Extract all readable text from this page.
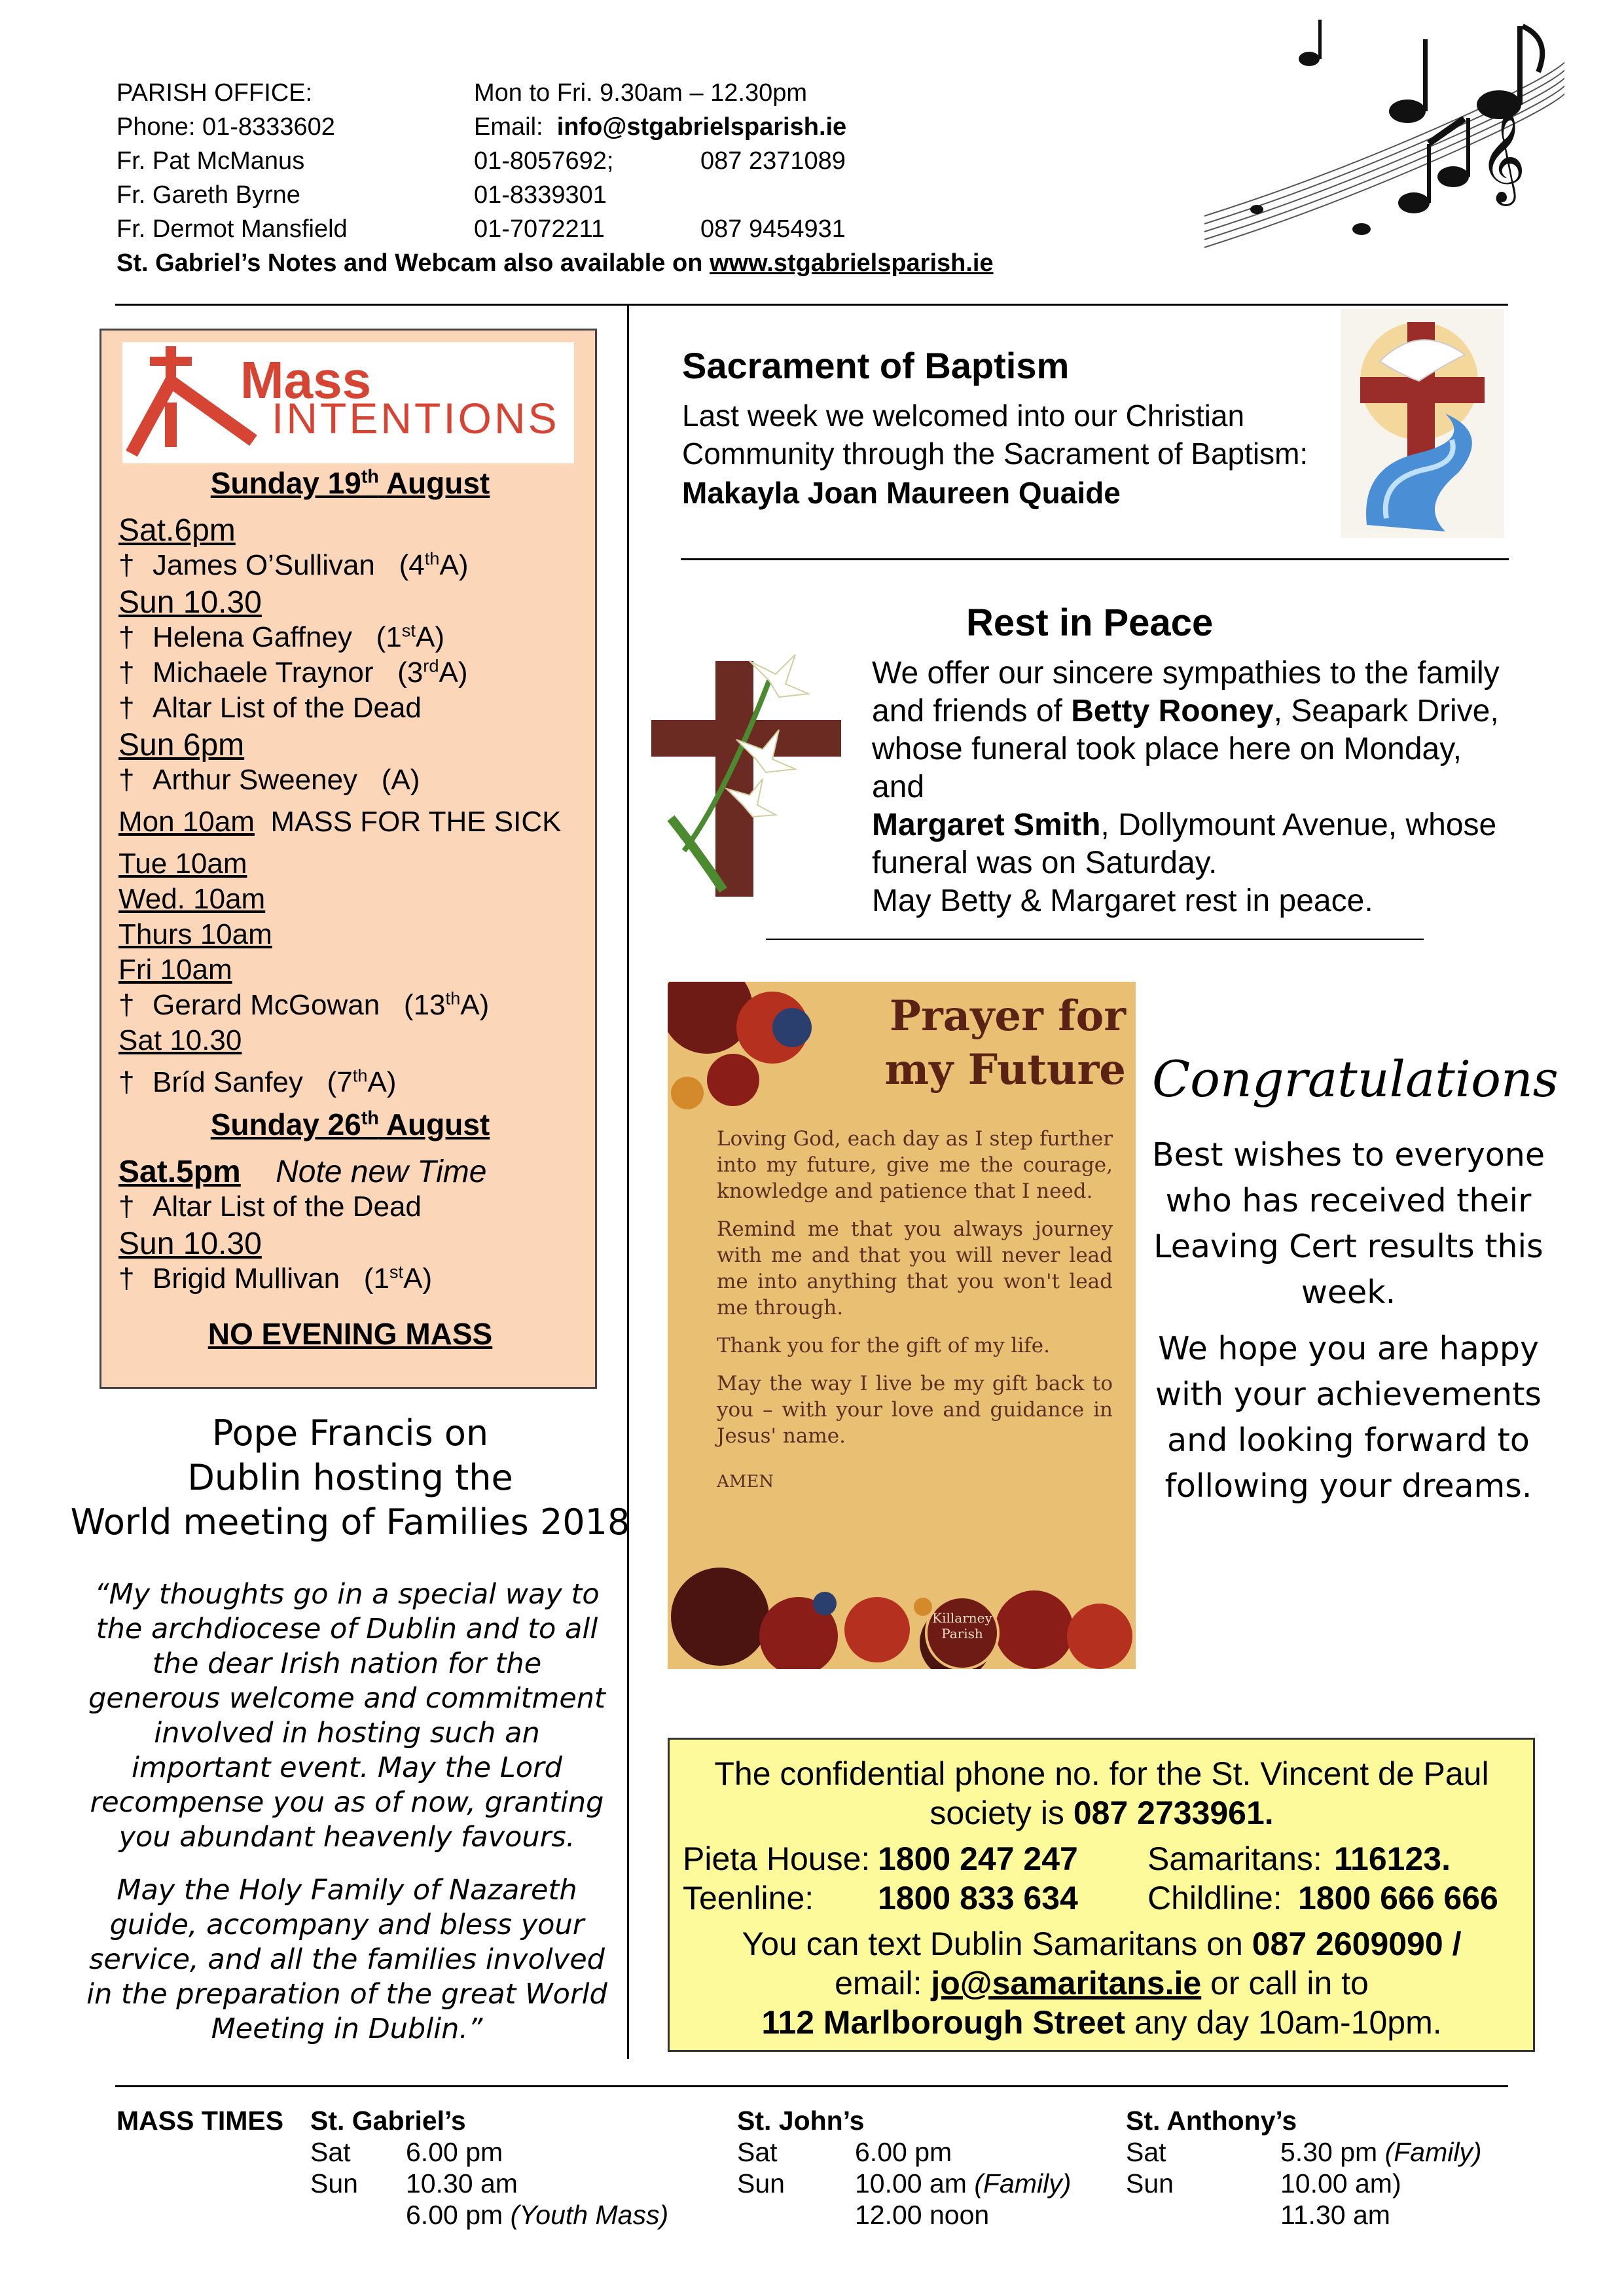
PARISH OFFICE:	Mon to Fri. 9.30am – 12.30pm
Phone: 01-8333602	Email: info@stgabrielsparish.ie
Fr. Pat McManus	01-8057692;	087 2371089
Fr. Gareth Byrne	01-8339301
Fr. Dermot Mansfield	01-7072211	087 9454931
St. Gabriel’s Notes and Webcam also available on www.stgabrielsparish.ie
𝄞
Mass
INTENTIONS
Sunday 19th August
Sat.6pm
† James O’Sullivan (4thA)
Sun 10.30
† Helena Gaffney (1stA)
† Michaele Traynor (3rdA)
† Altar List of the Dead
Sun 6pm
† Arthur Sweeney (A)
Mon 10am MASS FOR THE SICK
Tue 10am
Wed. 10am
Thurs 10am
Fri 10am
† Gerard McGowan (13thA)
Sat 10.30
† Bríd Sanfey (7thA)
Sunday 26th August
Sat.5pm Note new Time
† Altar List of the Dead
Sun 10.30
† Brigid Mullivan (1stA)
NO EVENING MASS
Pope Francis on
Dublin hosting the
World meeting of Families 2018
“My thoughts go in a special way to the archdiocese of Dublin and to all the dear Irish nation for the generous welcome and commitment involved in hosting such an important event. May the Lord recompense you as of now, granting you abundant heavenly favours.
May the Holy Family of Nazareth guide, accompany and bless your service, and all the families involved in the preparation of the great World Meeting in Dublin.”
Sacrament of Baptism
Last week we welcomed into our Christian Community through the Sacrament of Baptism:
Makayla Joan Maureen Quaide
Rest in Peace
We offer our sincere sympathies to the family and friends of Betty Rooney, Seapark Drive, whose funeral took place here on Monday, and
Margaret Smith, Dollymount Avenue, whose funeral was on Saturday.
May Betty & Margaret rest in peace.
Prayer for
my Future

Loving God, each day as I step further into my future, give me the courage, knowledge and patience that I need.

Remind me that you always journey with me and that you will never lead me into anything that you won't lead me through.

Thank you for the gift of my life.

May the way I live be my gift back to you – with your love and guidance in Jesus' name.

AMEN

Killarney
Parish
Congratulations
Best wishes to everyone who has received their Leaving Cert results this week.
We hope you are happy with your achievements and looking forward to following your dreams.
The confidential phone no. for the St. Vincent de Paul
society is 087 2733961.
Pieta House: 1800 247 247 Samaritans: 116123.
Teenline: 1800 833 634 Childline: 1800 666 666
You can text Dublin Samaritans on 087 2609090 /
email: jo@samaritans.ie or call in to
112 Marlborough Street any day 10am-10pm.
MASS TIMES St. Gabriel’s
Sat 6.00 pm
Sun 10.30 am
6.00 pm (Youth Mass)
St. John’s
Sat	6.00 pm
Sun	10.00 am (Family)
12.00 noon
St. Anthony’s
Sat	5.30 pm (Family)
Sun	10.00 am)
11.30 am
